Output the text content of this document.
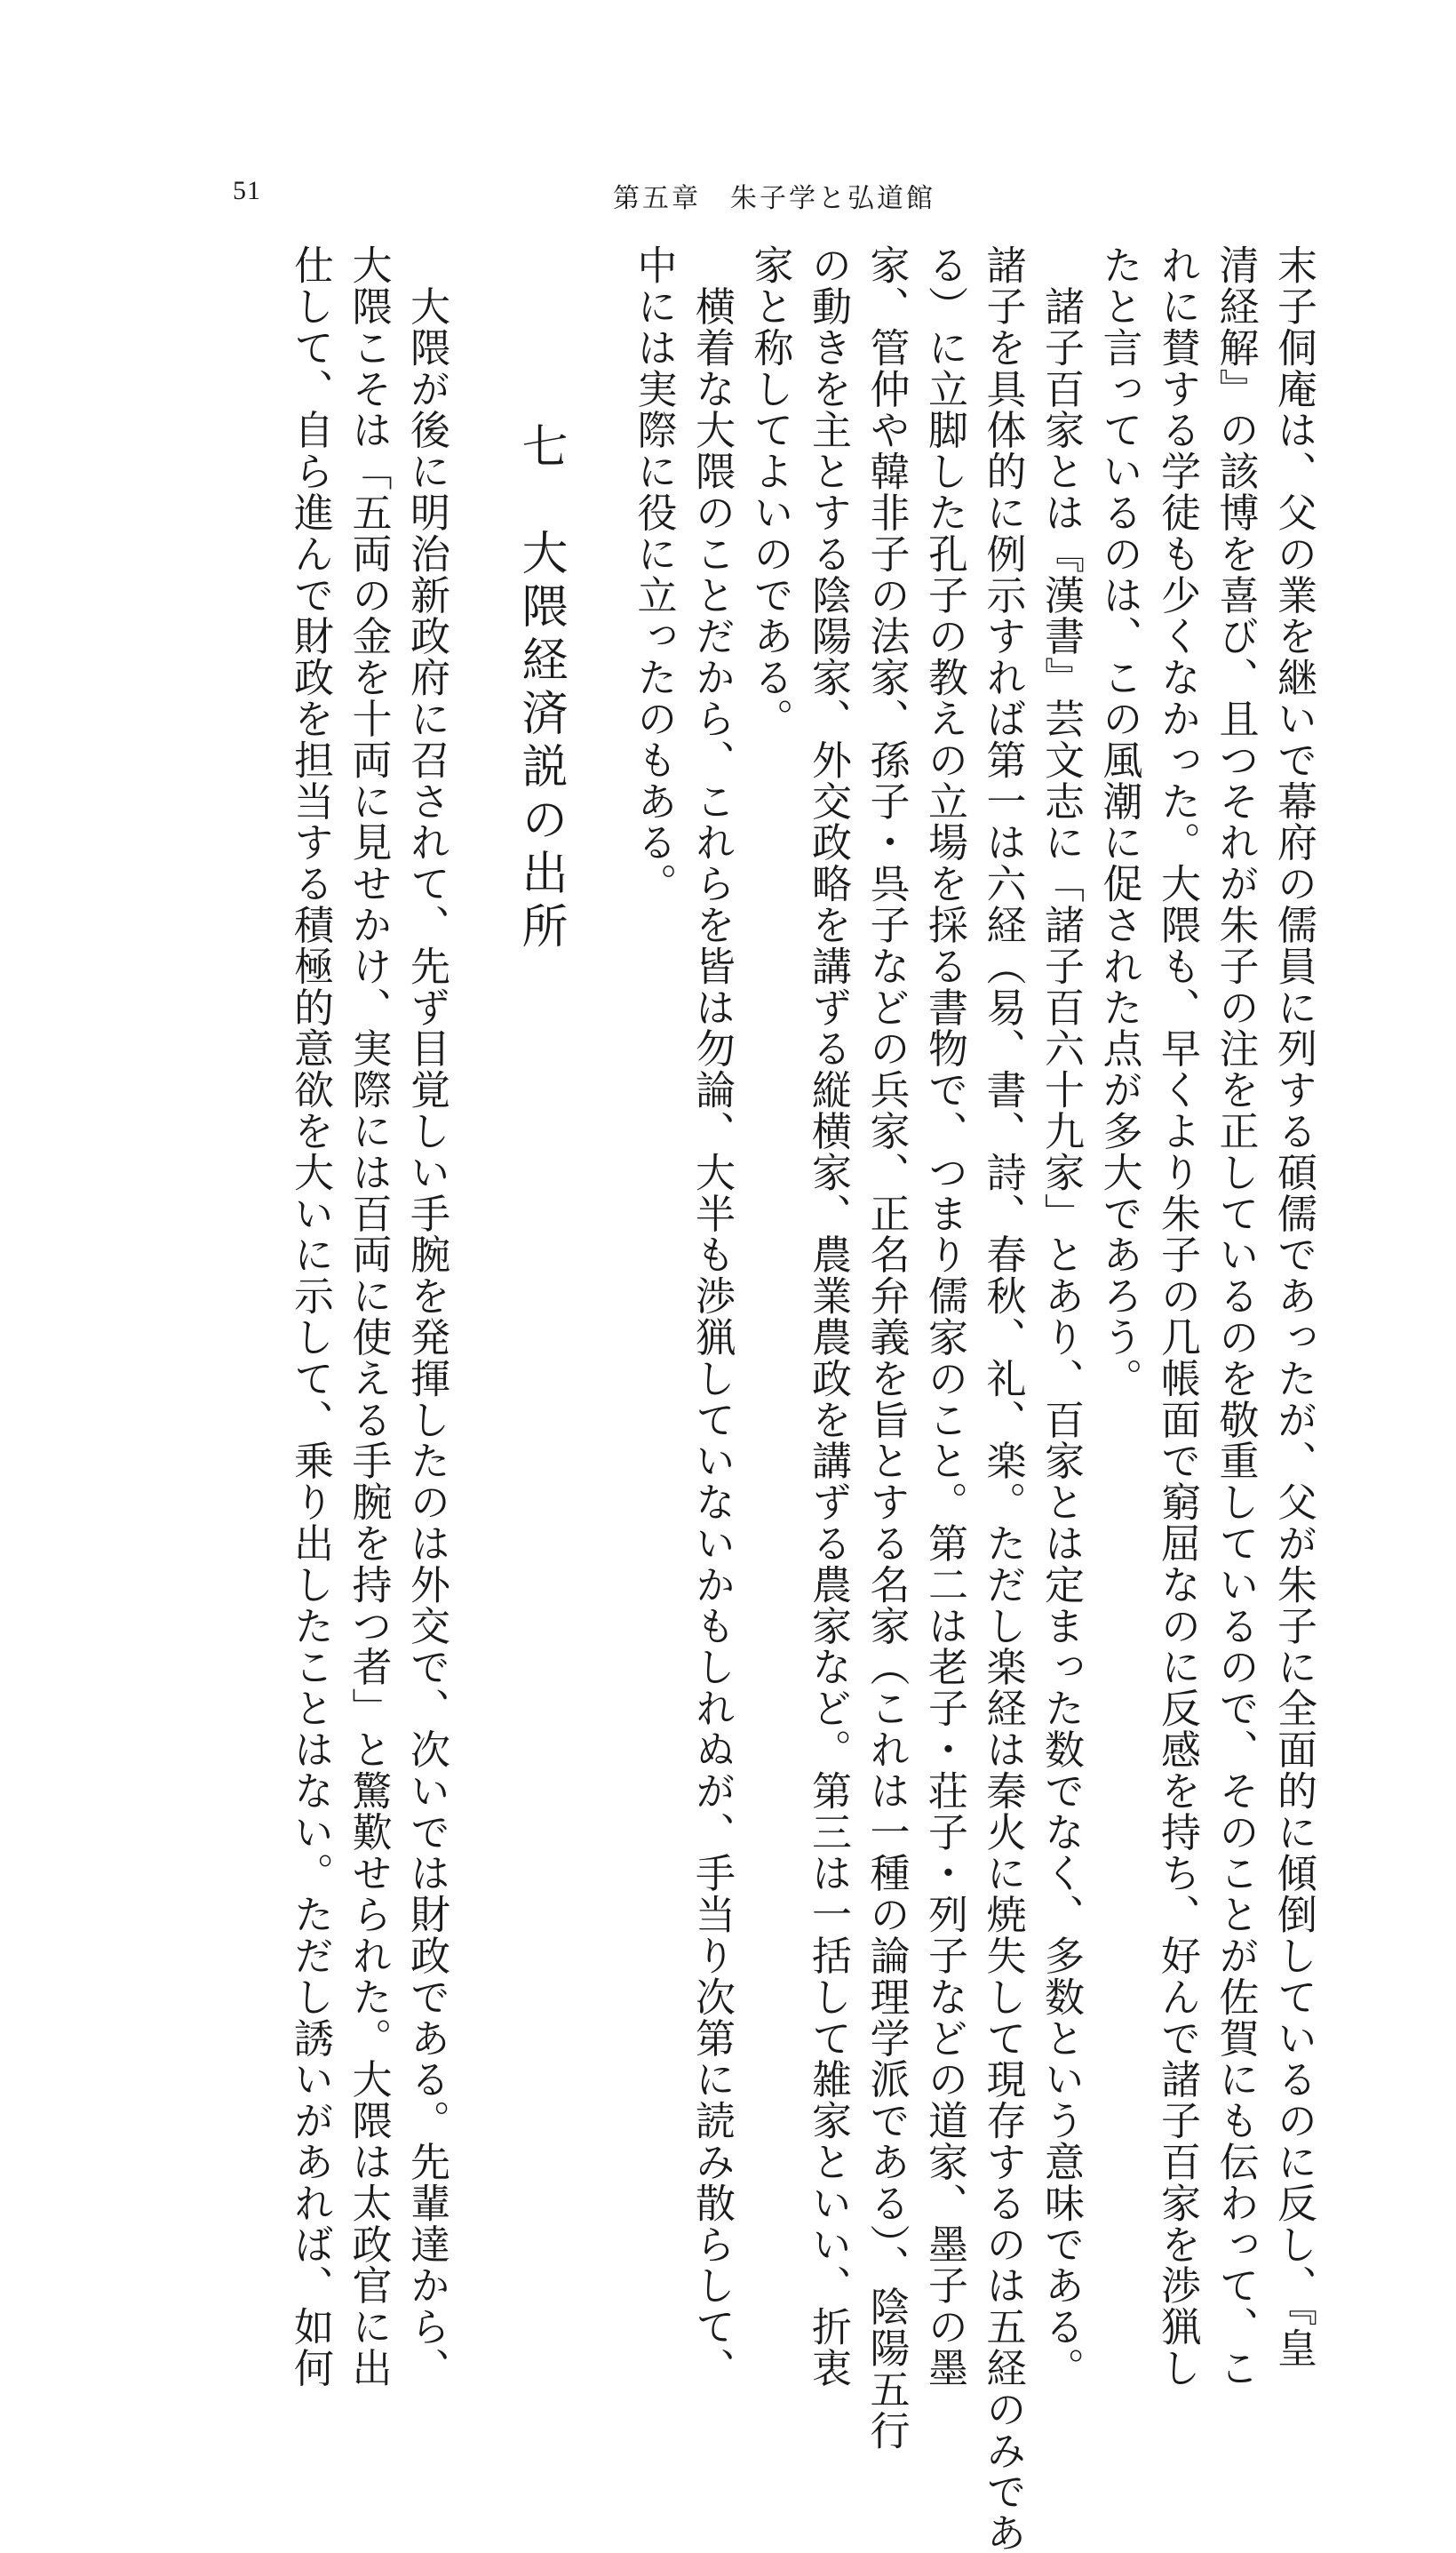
51	第五章　朱子学と弘道館
末子侗庵は、父の業を継いで幕府の儒員に列する碩儒であったが、父が朱子に全面的に傾倒しているのに反し、『皇
清経解』の該博を喜び、且つそれが朱子の注を正しているのを敬重しているので、そのことが佐賀にも伝わって、こ
れに賛する学徒も少くなかった。大隈も、早くより朱子の几帳面で窮屈なのに反感を持ち、好んで諸子百家を渉猟し
たと言っているのは、この風潮に促された点が多大であろう。
　諸子百家とは『漢書』芸文志に「諸子百六十九家」とあり、百家とは定まった数でなく、多数という意味である。
諸子を具体的に例示すれば第一は六経（易、書、詩、春秋、礼、楽。ただし楽経は秦火に焼失して現存するのは五経のみであ
る）に立脚した孔子の教えの立場を採る書物で、つまり儒家のこと。第二は老子・荘子・列子などの道家、墨子の墨
家、管仲や韓非子の法家、孫子・呉子などの兵家、正名弁義を旨とする名家（これは一種の論理学派である）、陰陽五行
の動きを主とする陰陽家、外交政略を講ずる縦横家、農業農政を講ずる農家など。第三は一括して雑家といい、折衷
家と称してよいのである。
　横着な大隈のことだから、これらを皆は勿論、大半も渉猟していないかもしれぬが、手当り次第に読み散らして、
中には実際に役に立ったのもある。
七　大隈経済説の出所
　大隈が後に明治新政府に召されて、先ず目覚しい手腕を発揮したのは外交で、次いでは財政である。先輩達から、
大隈こそは「五両の金を十両に見せかけ、実際には百両に使える手腕を持つ者」と驚歎せられた。大隈は太政官に出
仕して、自ら進んで財政を担当する積極的意欲を大いに示して、乗り出したことはない。ただし誘いがあれば、如何
